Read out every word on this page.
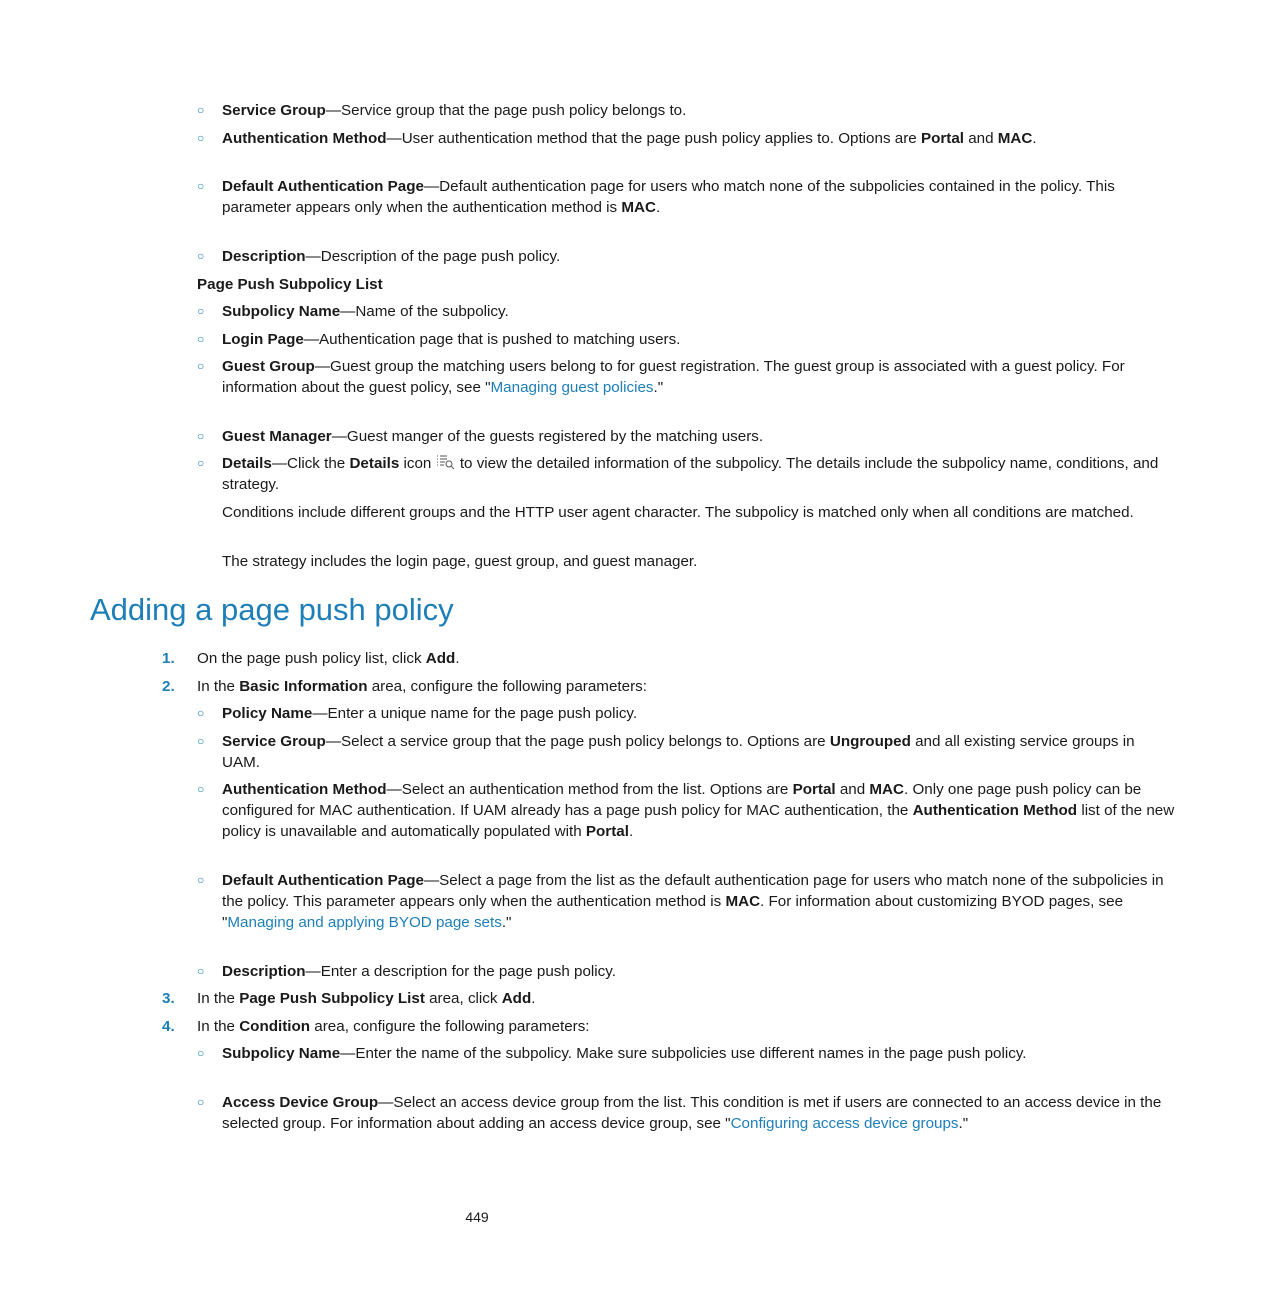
○ Service Group—Service group that the page push policy belongs to.
○ Authentication Method—User authentication method that the page push policy applies to. Options are Portal and MAC.
○ Default Authentication Page—Default authentication page for users who match none of the subpolicies contained in the policy. This parameter appears only when the authentication method is MAC.
○ Description—Description of the page push policy.
Page Push Subpolicy List
○ Subpolicy Name—Name of the subpolicy.
○ Login Page—Authentication page that is pushed to matching users.
○ Guest Group—Guest group the matching users belong to for guest registration. The guest group is associated with a guest policy. For information about the guest policy, see "Managing guest policies."
○ Guest Manager—Guest manger of the guests registered by the matching users.
○ Details—Click the Details icon  to view the detailed information of the subpolicy. The details include the subpolicy name, conditions, and strategy.
Conditions include different groups and the HTTP user agent character. The subpolicy is matched only when all conditions are matched.
The strategy includes the login page, guest group, and guest manager.
Adding a page push policy
1. On the page push policy list, click Add.
2. In the Basic Information area, configure the following parameters:
○ Policy Name—Enter a unique name for the page push policy.
○ Service Group—Select a service group that the page push policy belongs to. Options are Ungrouped and all existing service groups in UAM.
○ Authentication Method—Select an authentication method from the list. Options are Portal and MAC. Only one page push policy can be configured for MAC authentication. If UAM already has a page push policy for MAC authentication, the Authentication Method list of the new policy is unavailable and automatically populated with Portal.
○ Default Authentication Page—Select a page from the list as the default authentication page for users who match none of the subpolicies in the policy. This parameter appears only when the authentication method is MAC. For information about customizing BYOD pages, see "Managing and applying BYOD page sets."
○ Description—Enter a description for the page push policy.
3. In the Page Push Subpolicy List area, click Add.
4. In the Condition area, configure the following parameters:
○ Subpolicy Name—Enter the name of the subpolicy. Make sure subpolicies use different names in the page push policy.
○ Access Device Group—Select an access device group from the list. This condition is met if users are connected to an access device in the selected group. For information about adding an access device group, see "Configuring access device groups."
449
